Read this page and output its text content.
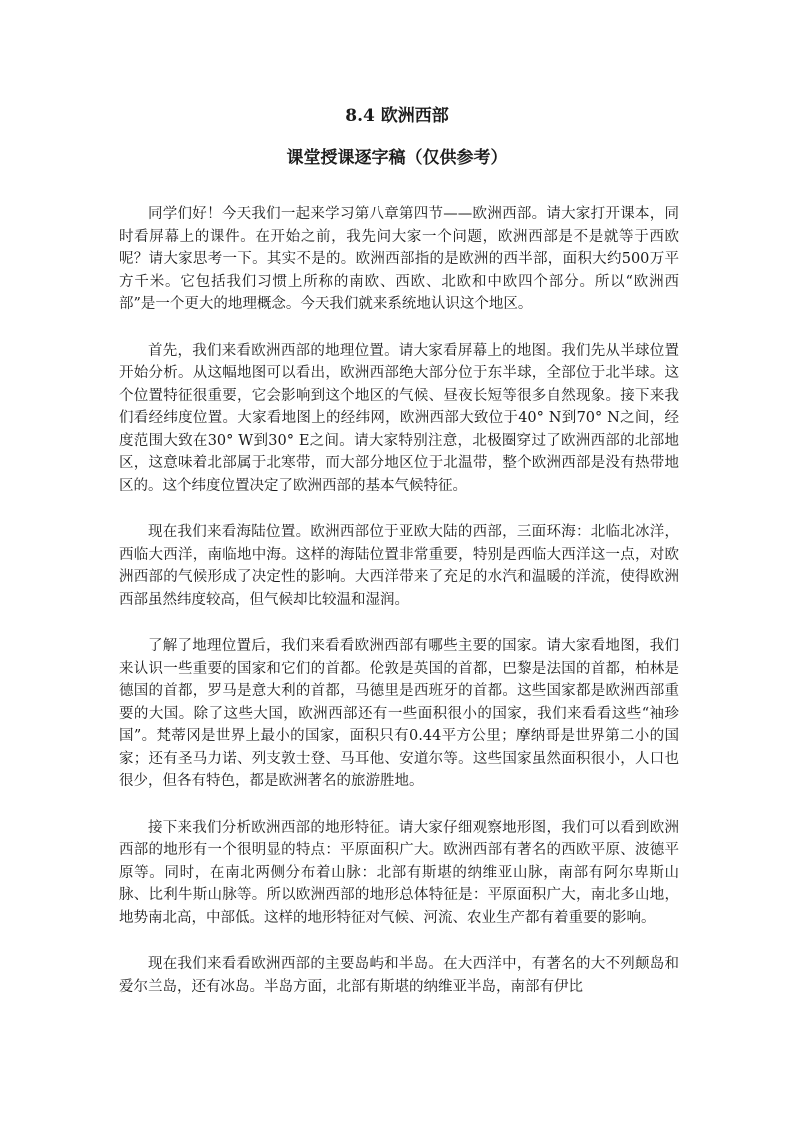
8.4 欧洲西部
课堂授课逐字稿（仅供参考）

同学们好！今天我们一起来学习第八章第四节——欧洲西部。请大家打开课本，同时看屏幕上的课件。在开始之前，我先问大家一个问题，欧洲西部是不是就等于西欧呢？请大家思考一下。其实不是的。欧洲西部指的是欧洲的西半部，面积大约500万平方千米。它包括我们习惯上所称的南欧、西欧、北欧和中欧四个部分。所以“欧洲西部”是一个更大的地理概念。今天我们就来系统地认识这个地区。

首先，我们来看欧洲西部的地理位置。请大家看屏幕上的地图。我们先从半球位置开始分析。从这幅地图可以看出，欧洲西部绝大部分位于东半球，全部位于北半球。这个位置特征很重要，它会影响到这个地区的气候、昼夜长短等很多自然现象。接下来我们看经纬度位置。大家看地图上的经纬网，欧洲西部大致位于40° N到70° N之间，经度范围大致在30° W到30° E之间。请大家特别注意，北极圈穿过了欧洲西部的北部地区，这意味着北部属于北寒带，而大部分地区位于北温带，整个欧洲西部是没有热带地区的。这个纬度位置决定了欧洲西部的基本气候特征。

现在我们来看海陆位置。欧洲西部位于亚欧大陆的西部，三面环海：北临北冰洋，西临大西洋，南临地中海。这样的海陆位置非常重要，特别是西临大西洋这一点，对欧洲西部的气候形成了决定性的影响。大西洋带来了充足的水汽和温暖的洋流，使得欧洲西部虽然纬度较高，但气候却比较温和湿润。

了解了地理位置后，我们来看看欧洲西部有哪些主要的国家。请大家看地图，我们来认识一些重要的国家和它们的首都。伦敦是英国的首都，巴黎是法国的首都，柏林是德国的首都，罗马是意大利的首都，马德里是西班牙的首都。这些国家都是欧洲西部重要的大国。除了这些大国，欧洲西部还有一些面积很小的国家，我们来看看这些“袖珍国”。梵蒂冈是世界上最小的国家，面积只有0.44平方公里；摩纳哥是世界第二小的国家；还有圣马力诺、列支敦士登、马耳他、安道尔等。这些国家虽然面积很小，人口也很少，但各有特色，都是欧洲著名的旅游胜地。

接下来我们分析欧洲西部的地形特征。请大家仔细观察地形图，我们可以看到欧洲西部的地形有一个很明显的特点：平原面积广大。欧洲西部有著名的西欧平原、波德平原等。同时，在南北两侧分布着山脉：北部有斯堪的纳维亚山脉，南部有阿尔卑斯山脉、比利牛斯山脉等。所以欧洲西部的地形总体特征是：平原面积广大，南北多山地，地势南北高，中部低。这样的地形特征对气候、河流、农业生产都有着重要的影响。

现在我们来看看欧洲西部的主要岛屿和半岛。在大西洋中，有著名的大不列颠岛和爱尔兰岛，还有冰岛。半岛方面，北部有斯堪的纳维亚半岛，南部有伊比
